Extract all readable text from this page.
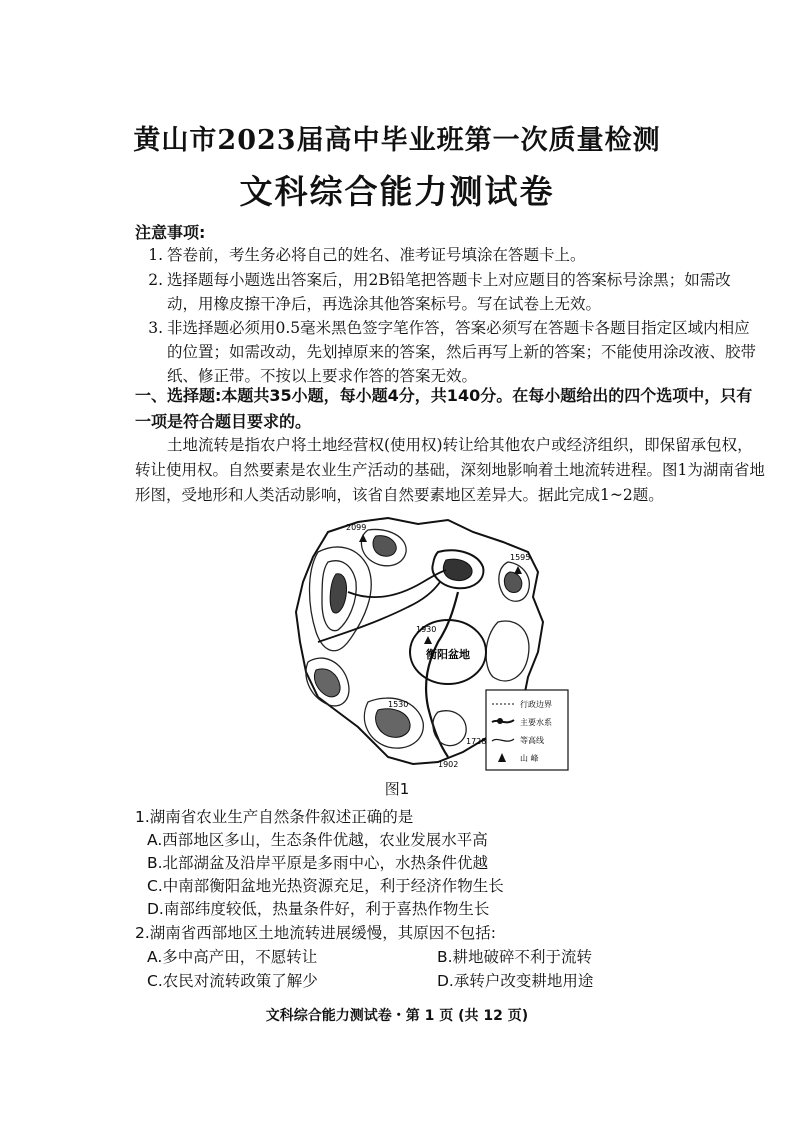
黄山市2023届高中毕业班第一次质量检测
文科综合能力测试卷
注意事项:
1. 答卷前，考生务必将自己的姓名、准考证号填涂在答题卡上。
2. 选择题每小题选出答案后，用2B铅笔把答题卡上对应题目的答案标号涂黑；如需改动，用橡皮擦干净后，再选涂其他答案标号。写在试卷上无效。
3. 非选择题必须用0.5毫米黑色签字笔作答，答案必须写在答题卡各题目指定区域内相应的位置；如需改动，先划掉原来的答案，然后再写上新的答案；不能使用涂改液、胶带纸、修正带。不按以上要求作答的答案无效。
一、选择题:本题共35小题，每小题4分，共140分。在每小题给出的四个选项中，只有一项是符合题目要求的。
土地流转是指农户将土地经营权(使用权)转让给其他农户或经济组织，即保留承包权，转让使用权。自然要素是农业生产活动的基础，深刻地影响着土地流转进程。图1为湖南省地形图，受地形和人类活动影响，该省自然要素地区差异大。据此完成1~2题。
衡阳盆地
2099
1595
1930
1530
1902
1728
行政边界
主要水系
等高线
山 峰
图1
1.湖南省农业生产自然条件叙述正确的是
A.西部地区多山，生态条件优越，农业发展水平高
B.北部湖盆及沿岸平原是多雨中心，水热条件优越
C.中南部衡阳盆地光热资源充足，利于经济作物生长
D.南部纬度较低，热量条件好，利于喜热作物生长
2.湖南省西部地区土地流转进展缓慢，其原因不包括:
A.多中高产田，不愿转让	B.耕地破碎不利于流转
C.农民对流转政策了解少	D.承转户改变耕地用途
文科综合能力测试卷・第 1 页 (共 12 页)
